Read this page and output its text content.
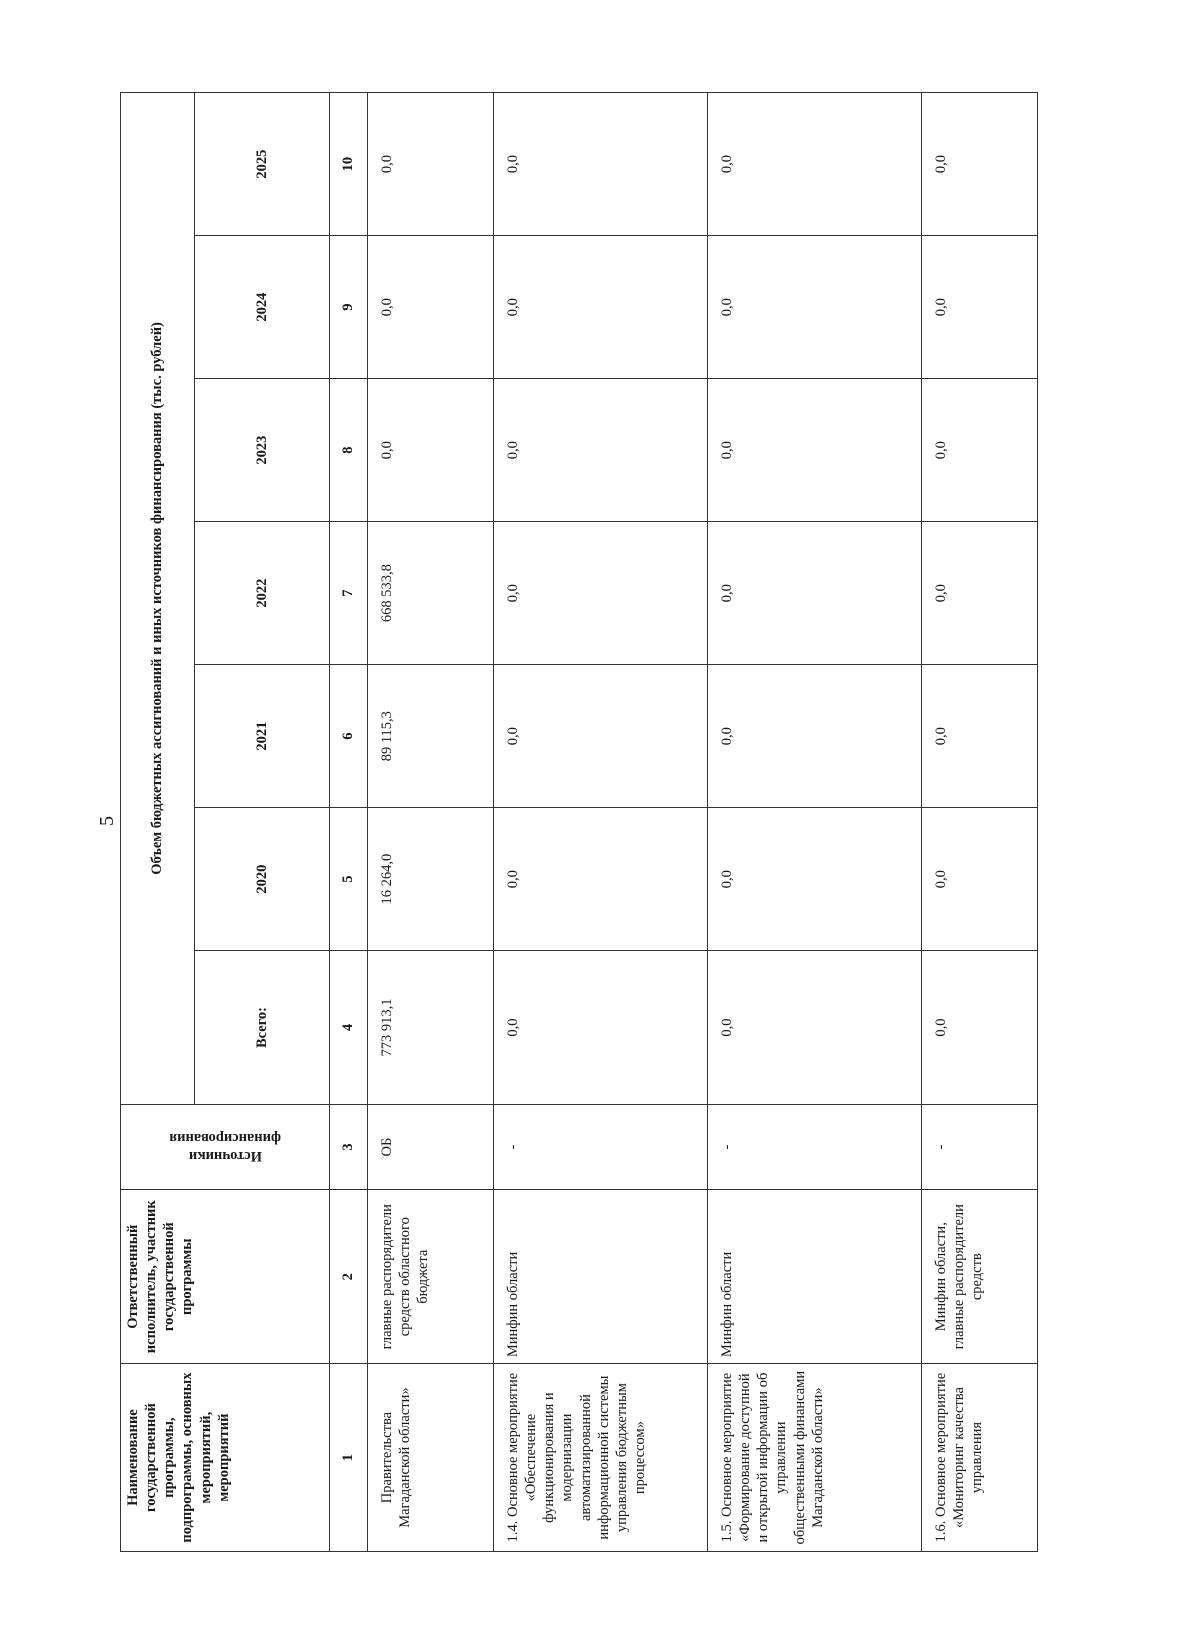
5
Наименование государственной программы, подпрограммы, основных мероприятий, мероприятий	Ответственный исполнитель, участник государственной программы	Источники финансирования	Объем бюджетных ассигнований и иных источников финансирования (тыс. рублей)						
			Всего:	2020	2021	2022	2023	2024	2025
1	2	3	4	5	6	7	8	9	10
Правительства Магаданской области»	главные распорядители средств областного бюджета	ОБ	773 913,1	16 264,0	89 115,3	668 533,8	0,0	0,0	0,0
1.4. Основное мероприятие «Обеспечение функционирования и модернизации автоматизированной информационной системы управления бюджетным процессом»	Минфин области	-	0,0	0,0	0,0	0,0	0,0	0,0	0,0
1.5. Основное мероприятие «Формирование доступной и открытой информации об управлении общественными финансами Магаданской области»	Минфин области	-	0,0	0,0	0,0	0,0	0,0	0,0	0,0
1.6. Основное мероприятие «Мониторинг качества управления	Минфин области, главные распорядители средств	-	0,0	0,0	0,0	0,0	0,0	0,0	0,0
